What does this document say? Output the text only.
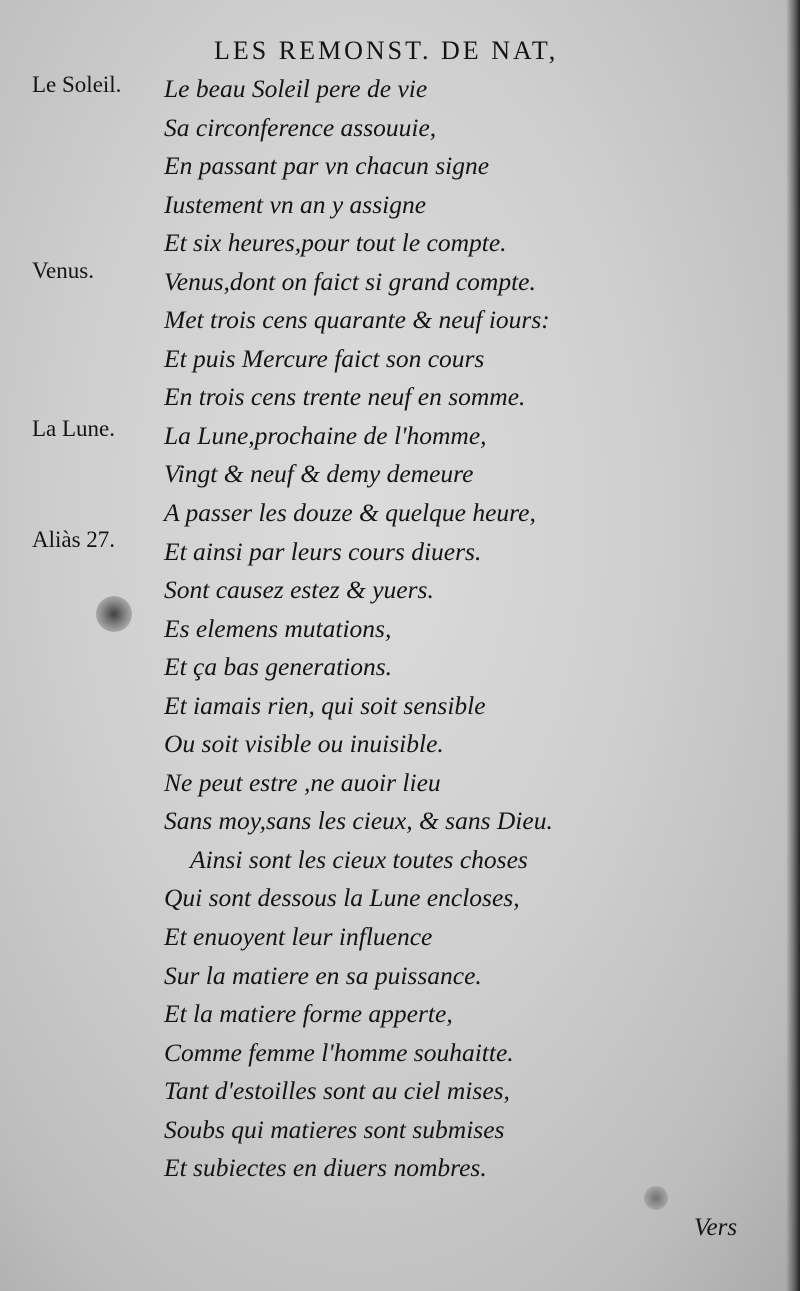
LES REMONST. DE NAT,
Le Soleil.
Venus.
La Lune.
Aliàs 27.
Le beau Soleil pere de vie
Sa circonference assouuie,
En passant par vn chacun signe
Iustement vn an y assigne
Et six heures,pour tout le compte.
Venus,dont on faict si grand compte.
Met trois cens quarante & neuf iours:
Et puis Mercure faict son cours
En trois cens trente neuf en somme.
La Lune,prochaine de l'homme,
Vingt & neuf & demy demeure
A passer les douze & quelque heure,
Et ainsi par leurs cours diuers.
Sont causez estez & yuers.
Es elemens mutations,
Et ça bas generations.
Et iamais rien, qui soit sensible
Ou soit visible ou inuisible.
Ne peut estre ,ne auoir lieu
Sans moy,sans les cieux, & sans Dieu.
Ainsi sont les cieux toutes choses
Qui sont dessous la Lune encloses,
Et enuoyent leur influence
Sur la matiere en sa puissance.
Et la matiere forme apperte,
Comme femme l'homme souhaitte.
Tant d'estoilles sont au ciel mises,
Soubs qui matieres sont submises
Et subiectes en diuers nombres.
Vers
